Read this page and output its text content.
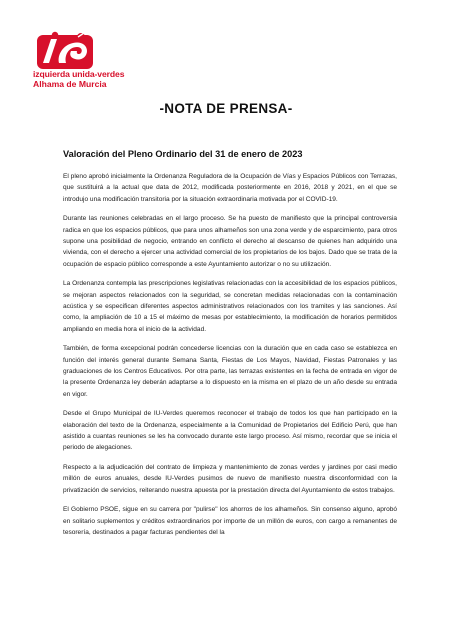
izquierda unida-verdes
Alhama de Murcia
-NOTA DE PRENSA-
Valoración del Pleno Ordinario del 31 de enero de 2023

El pleno aprobó inicialmente la Ordenanza Reguladora de la Ocupación de Vías y Espacios Públicos con Terrazas, que sustituirá a la actual que data de 2012, modificada posteriormente en 2016, 2018 y 2021, en el que se introdujo una modificación transitoria por la situación extraordinaria motivada por el COVID-19.

Durante las reuniones celebradas en el largo proceso. Se ha puesto de manifiesto que la principal controversia radica en que los espacios públicos, que para unos alhameños son una zona verde y de esparcimiento, para otros supone una posibilidad de negocio, entrando en conflicto el derecho al descanso de quienes han adquirido una vivienda, con el derecho a ejercer una actividad comercial de los propietarios de los bajos. Dado que se trata de la ocupación de espacio público corresponde a este Ayuntamiento autorizar o no su utilización.

La Ordenanza contempla las prescripciones legislativas relacionadas con la accesibilidad de los espacios públicos, se mejoran aspectos relacionados con la seguridad, se concretan medidas relacionadas con la contaminación acústica y se especifican diferentes aspectos administrativos relacionados con los tramites y las sanciones. Así como, la ampliación de 10 a 15 el máximo de mesas por establecimiento, la modificación de horarios permitidos ampliando en media hora el inicio de la actividad.

También, de forma excepcional podrán concederse licencias con la duración que en cada caso se establezca en función del interés general durante Semana Santa, Fiestas de Los Mayos, Navidad, Fiestas Patronales y las graduaciones de los Centros Educativos. Por otra parte, las terrazas existentes en la fecha de entrada en vigor de la presente Ordenanza ley deberán adaptarse a lo dispuesto en la misma en el plazo de un año desde su entrada en vigor.

Desde el Grupo Municipal de IU-Verdes queremos reconocer el trabajo de todos los que han participado en la elaboración del texto de la Ordenanza, especialmente a la Comunidad de Propietarios del Edificio Perú, que han asistido a cuantas reuniones se les ha convocado durante este largo proceso. Así mismo, recordar que se inicia el periodo de alegaciones.

Respecto a la adjudicación del contrato de limpieza y mantenimiento de zonas verdes y jardines por casi medio millón de euros anuales, desde IU-Verdes pusimos de nuevo de manifiesto nuestra disconformidad con la privatización de servicios, reiterando nuestra apuesta por la prestación directa del Ayuntamiento de estos trabajos.

El Gobierno PSOE, sigue en su carrera por "pulirse" los ahorros de los alhameños. Sin consenso alguno, aprobó en solitario suplementos y créditos extraordinarios por importe de un millón de euros, con cargo a remanentes de tesorería, destinados a pagar facturas pendientes del la
